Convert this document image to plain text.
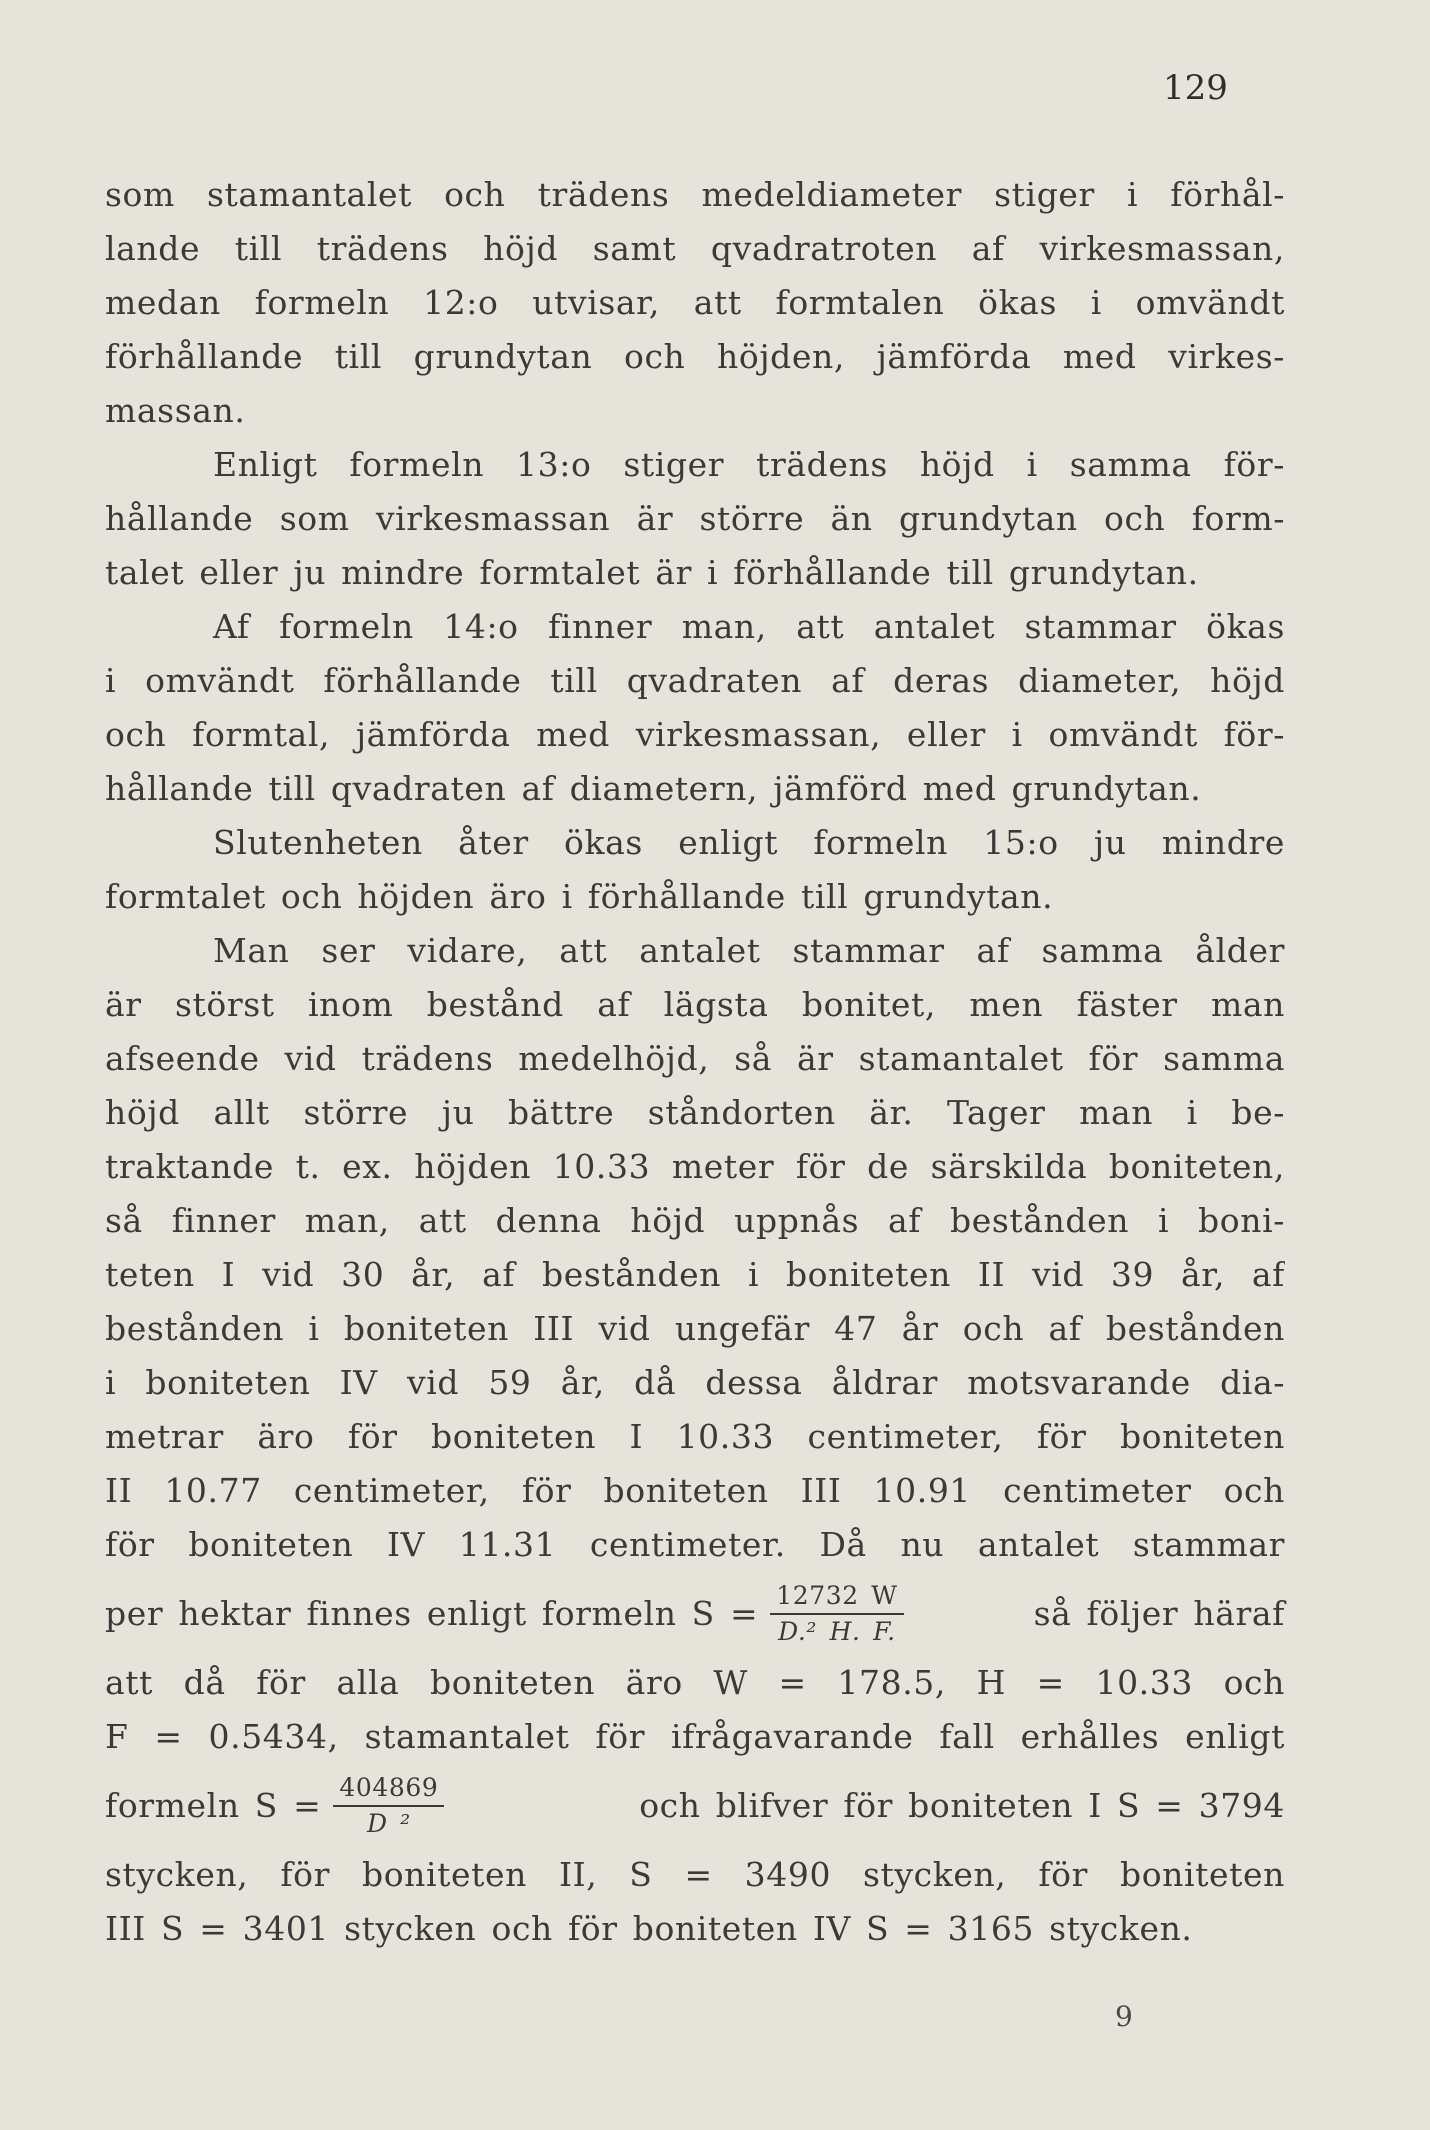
129
som stamantalet och trädens medeldiameter stiger i förhål-
lande till trädens höjd samt qvadratroten af virkesmassan,
medan formeln 12:o utvisar, att formtalen ökas i omvändt
förhållande till grundytan och höjden, jämförda med virkes-
massan.
Enligt formeln 13:o stiger trädens höjd i samma för-
hållande som virkesmassan är större än grundytan och form-
talet eller ju mindre formtalet är i förhållande till grundytan.
Af formeln 14:o finner man, att antalet stammar ökas
i omvändt förhållande till qvadraten af deras diameter, höjd
och formtal, jämförda med virkesmassan, eller i omvändt för-
hållande till qvadraten af diametern, jämförd med grundytan.
Slutenheten åter ökas enligt formeln 15:o ju mindre
formtalet och höjden äro i förhållande till grundytan.
Man ser vidare, att antalet stammar af samma ålder
är störst inom bestånd af lägsta bonitet, men fäster man
afseende vid trädens medelhöjd, så är stamantalet för samma
höjd allt större ju bättre ståndorten är. Tager man i be-
traktande t. ex. höjden 10.33 meter för de särskilda boniteten,
så finner man, att denna höjd uppnås af bestånden i boni-
teten I vid 30 år, af bestånden i boniteten II vid 39 år, af
bestånden i boniteten III vid ungefär 47 år och af bestånden
i boniteten IV vid 59 år, då dessa åldrar motsvarande dia-
metrar äro för boniteten I 10.33 centimeter, för boniteten
II 10.77 centimeter, för boniteten III 10.91 centimeter och
för boniteten IV 11.31 centimeter. Då nu antalet stammar
per hektar finnes enligt formeln $S = \frac{12732 W}{\text{D.² H. F.}}$	så följer häraf
att då för alla boniteten äro W = 178.5, H = 10.33 och
F = 0.5434, stamantalet för ifrågavarande fall erhålles enligt
formeln $S = \frac{404869}{\text{D ²}}$	och blifver för boniteten I S = 3794
stycken, för boniteten II, S = 3490 stycken, för boniteten
III S = 3401 stycken och för boniteten IV S = 3165 stycken.
9
